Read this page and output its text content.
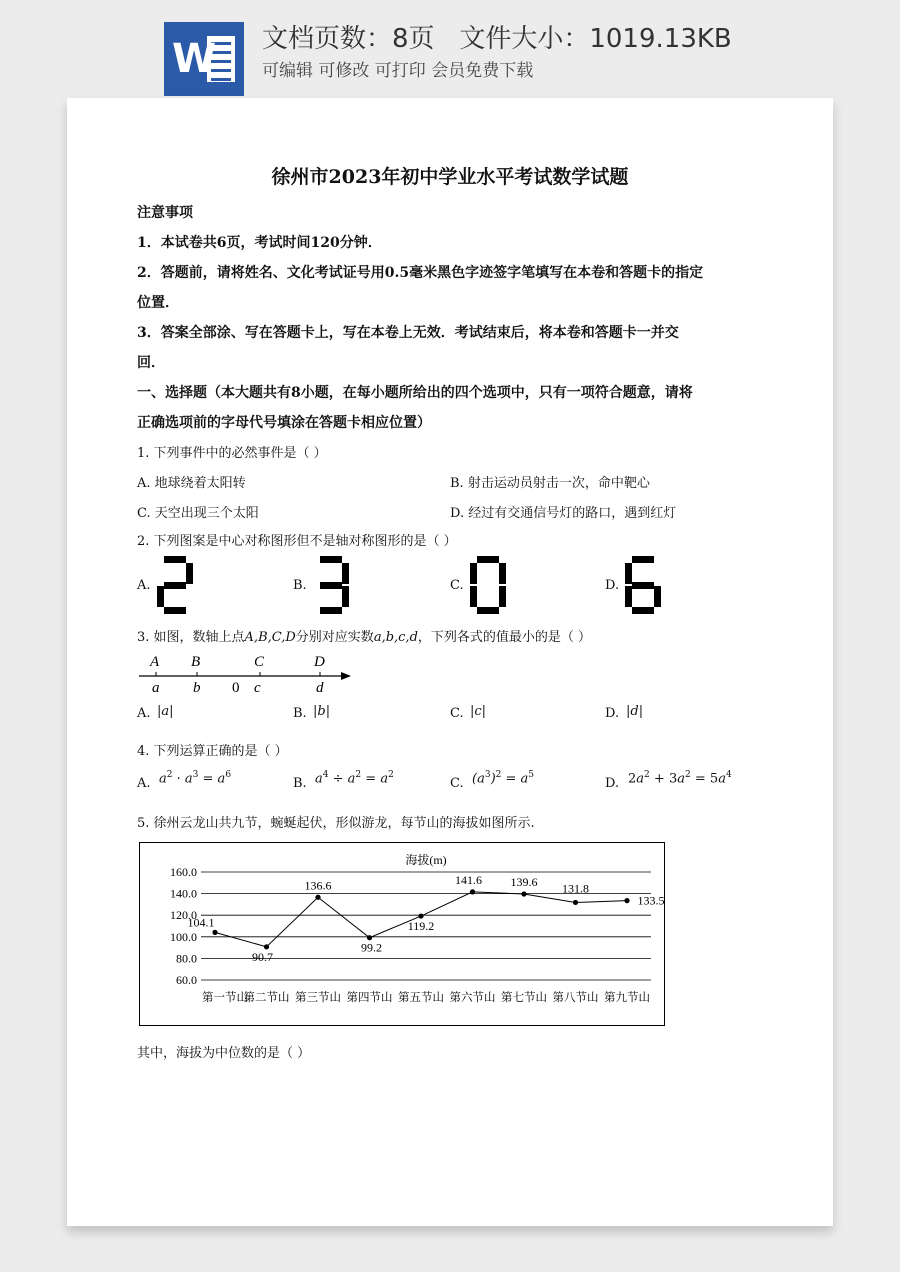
W 文档页数：8页 文件大小：1019.13KB
可编辑 可修改 可打印 会员免费下载
徐州市2023年初中学业水平考试数学试题
注意事项
1．本试卷共6页，考试时间120分钟．
2．答题前，请将姓名、文化考试证号用0.5毫米黑色字迹签字笔填写在本卷和答题卡的指定
位置．
3．答案全部涂、写在答题卡上，写在本卷上无效．考试结束后，将本卷和答题卡一并交
回．
一、选择题（本大题共有8小题，在每小题所给出的四个选项中，只有一项符合题意，请将
正确选项前的字母代号填涂在答题卡相应位置）
1. 下列事件中的必然事件是（ ）
A. 地球绕着太阳转	B. 射击运动员射击一次，命中靶心
C. 天空出现三个太阳	D. 经过有交通信号灯的路口，遇到红灯
2. 下列图案是中心对称图形但不是轴对称图形的是（ ）
A.	B.	C.	D.
3. 如图，数轴上点A,B,C,D分别对应实数a,b,c,d，下列各式的值最小的是（ ）
A B	C	D
a b	c	d
0
A. |a|	B. |b|	C. |c|	D. |d|
4. 下列运算正确的是（ ）
A. $a^2 \cdot a^3 = a^6$
B. $a^4 \div a^2 = a^2$
C. $(a^3)^2 = a^5$
D. $2a^2 + 3a^2 = 5a^4$
5. 徐州云龙山共九节，蜿蜒起伏，形似游龙，每节山的海拔如图所示.
海拔(m)
60.0
80.0
100.0
120.0
140.0
160.0
104.1
90.7
136.6
99.2
119.2
141.6 139.6 131.8
133.5
第一节山
第二节山 第三节山 第四节山 第五节山 第六节山 第七节山 第八节山 第九节山
其中，海拔为中位数的是（ ）
